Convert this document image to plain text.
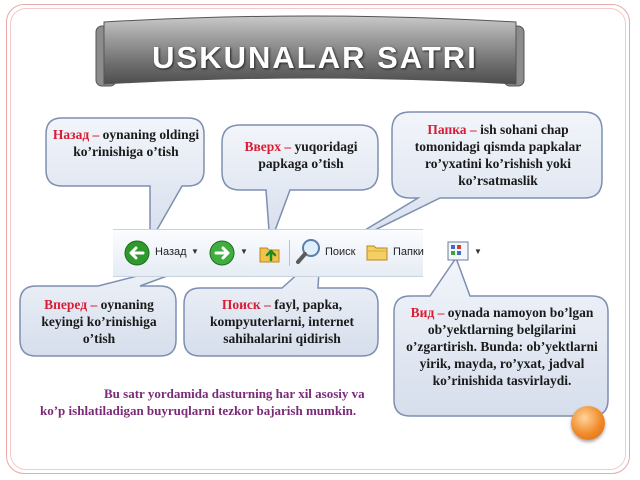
USKUNALAR SATRI
Назад ▼	▼	Поиск	Папки	▼
Назад – oynaning oldingi ko’rinishiga o’tish	Вверх – yuqoridagi papkaga o’tish
Папка – ish sohani chap tomonidagi qismda papkalar ro’yxatini ko’rishish yoki ko’rsatmaslik
Вперед – oynaning keyingi ko’rinishiga o’tish
Поиск – fayl, papka, kompyuterlarni, internet sahihalarini qidirish
Вид – oynada namoyon bo’lgan ob’yektlarning belgilarini o’zgartirish. Bunda: ob’yektlarni yirik, mayda, ro’yxat, jadval ko’rinishida tasvirlaydi.
Bu satr yordamida dasturning har xil asosiy va ko’p ishlatiladigan buyruqlarni tezkor bajarish mumkin.
